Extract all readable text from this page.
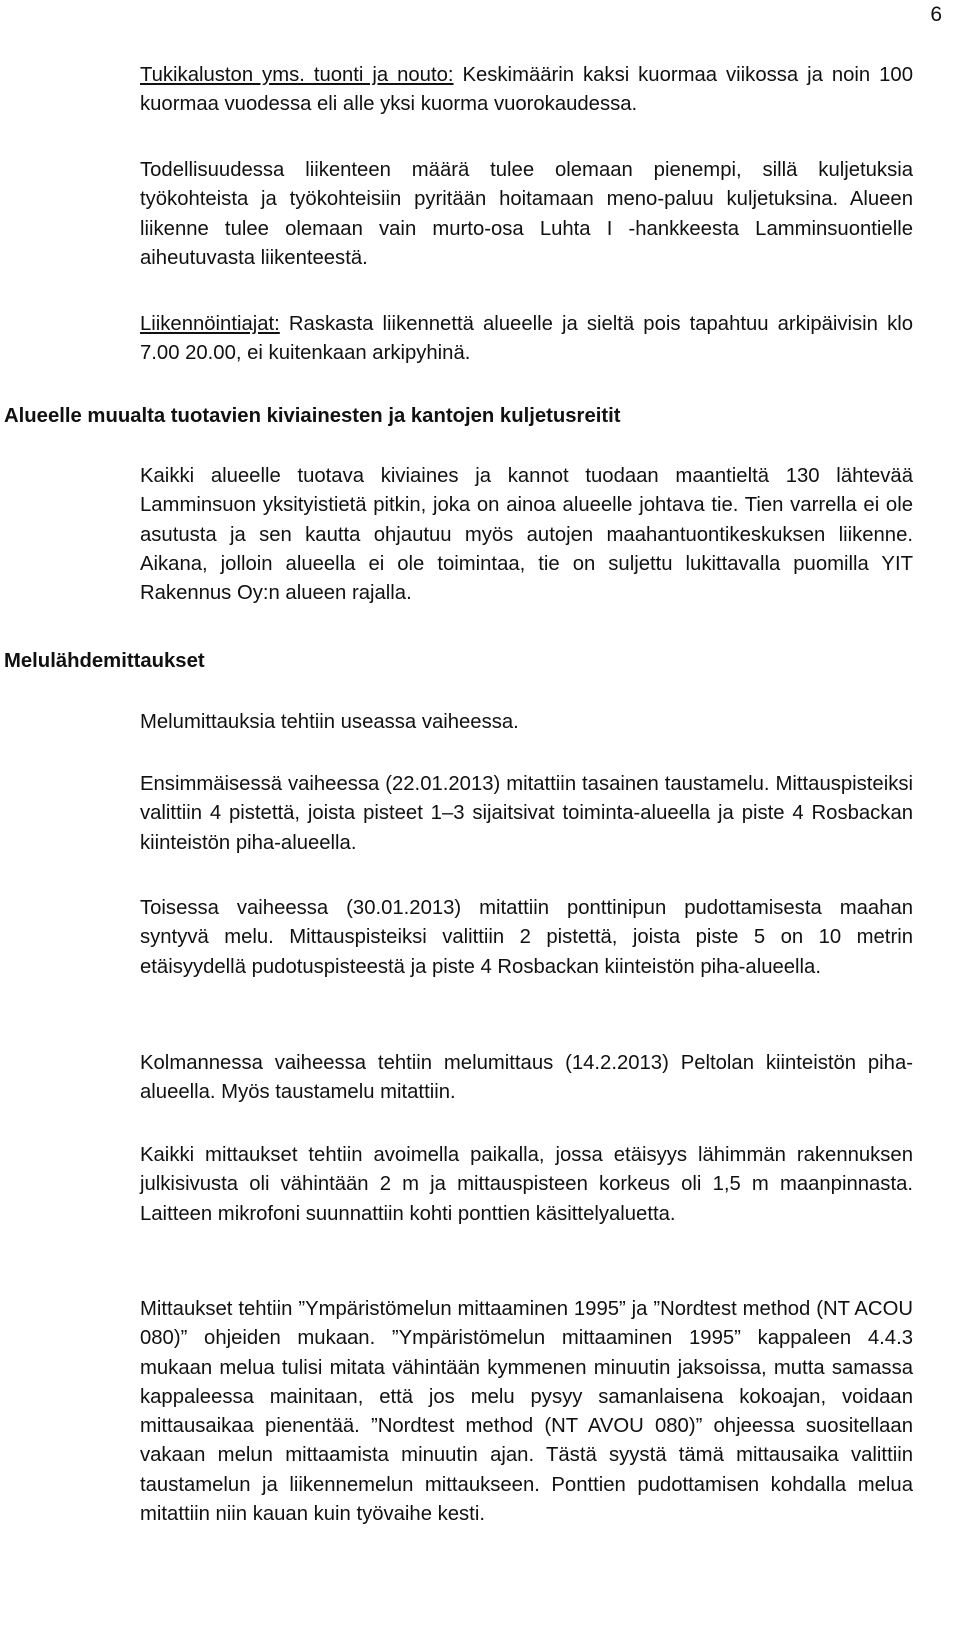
6

Tukikaluston yms. tuonti ja nouto: Keskimäärin kaksi kuormaa viikossa ja noin 100 kuormaa vuodessa eli alle yksi kuorma vuorokaudessa.

Todellisuudessa liikenteen määrä tulee olemaan pienempi, sillä kuljetuksia työkohteista ja työkohteisiin pyritään hoitamaan meno-paluu kuljetuksina. Alueen liikenne tulee olemaan vain murto-osa Luhta I -hankkeesta Lamminsuontielle aiheutuvasta liikenteestä.

Liikennöintiajat: Raskasta liikennettä alueelle ja sieltä pois tapahtuu arkipäivisin klo 7.00 20.00, ei kuitenkaan arkipyhinä.

Alueelle muualta tuotavien kiviainesten ja kantojen kuljetusreitit

Kaikki alueelle tuotava kiviaines ja kannot tuodaan maantieltä 130 lähtevää Lamminsuon yksityistietä pitkin, joka on ainoa alueelle johtava tie. Tien varrella ei ole asutusta ja sen kautta ohjautuu myös autojen maahantuontikeskuksen liikenne. Aikana, jolloin alueella ei ole toimintaa, tie on suljettu lukittavalla puomilla YIT Rakennus Oy:n alueen rajalla.

Melulähdemittaukset

Melumittauksia tehtiin useassa vaiheessa.

Ensimmäisessä vaiheessa (22.01.2013) mitattiin tasainen taustamelu. Mittauspisteiksi valittiin 4 pistettä, joista pisteet 1–3 sijaitsivat toiminta-alueella ja piste 4 Rosbackan kiinteistön piha-alueella.

Toisessa vaiheessa (30.01.2013) mitattiin ponttinipun pudottamisesta maahan syntyvä melu. Mittauspisteiksi valittiin 2 pistettä, joista piste 5 on 10 metrin etäisyydellä pudotuspisteestä ja piste 4 Rosbackan kiinteistön piha-alueella.

Kolmannessa vaiheessa tehtiin melumittaus (14.2.2013) Peltolan kiinteistön piha-alueella. Myös taustamelu mitattiin.

Kaikki mittaukset tehtiin avoimella paikalla, jossa etäisyys lähimmän rakennuksen julkisivusta oli vähintään 2 m ja mittauspisteen korkeus oli 1,5 m maanpinnasta. Laitteen mikrofoni suunnattiin kohti ponttien käsittelyaluetta.

Mittaukset tehtiin ”Ympäristömelun mittaaminen 1995” ja ”Nordtest method (NT ACOU 080)” ohjeiden mukaan. ”Ympäristömelun mittaaminen 1995” kappaleen 4.4.3 mukaan melua tulisi mitata vähintään kymmenen minuutin jaksoissa, mutta samassa kappaleessa mainitaan, että jos melu pysyy samanlaisena kokoajan, voidaan mittausaikaa pienentää. ”Nordtest method (NT AVOU 080)” ohjeessa suositellaan vakaan melun mittaamista minuutin ajan. Tästä syystä tämä mittausaika valittiin taustamelun ja liikennemelun mittaukseen. Ponttien pudottamisen kohdalla melua mitattiin niin kauan kuin työvaihe kesti.
